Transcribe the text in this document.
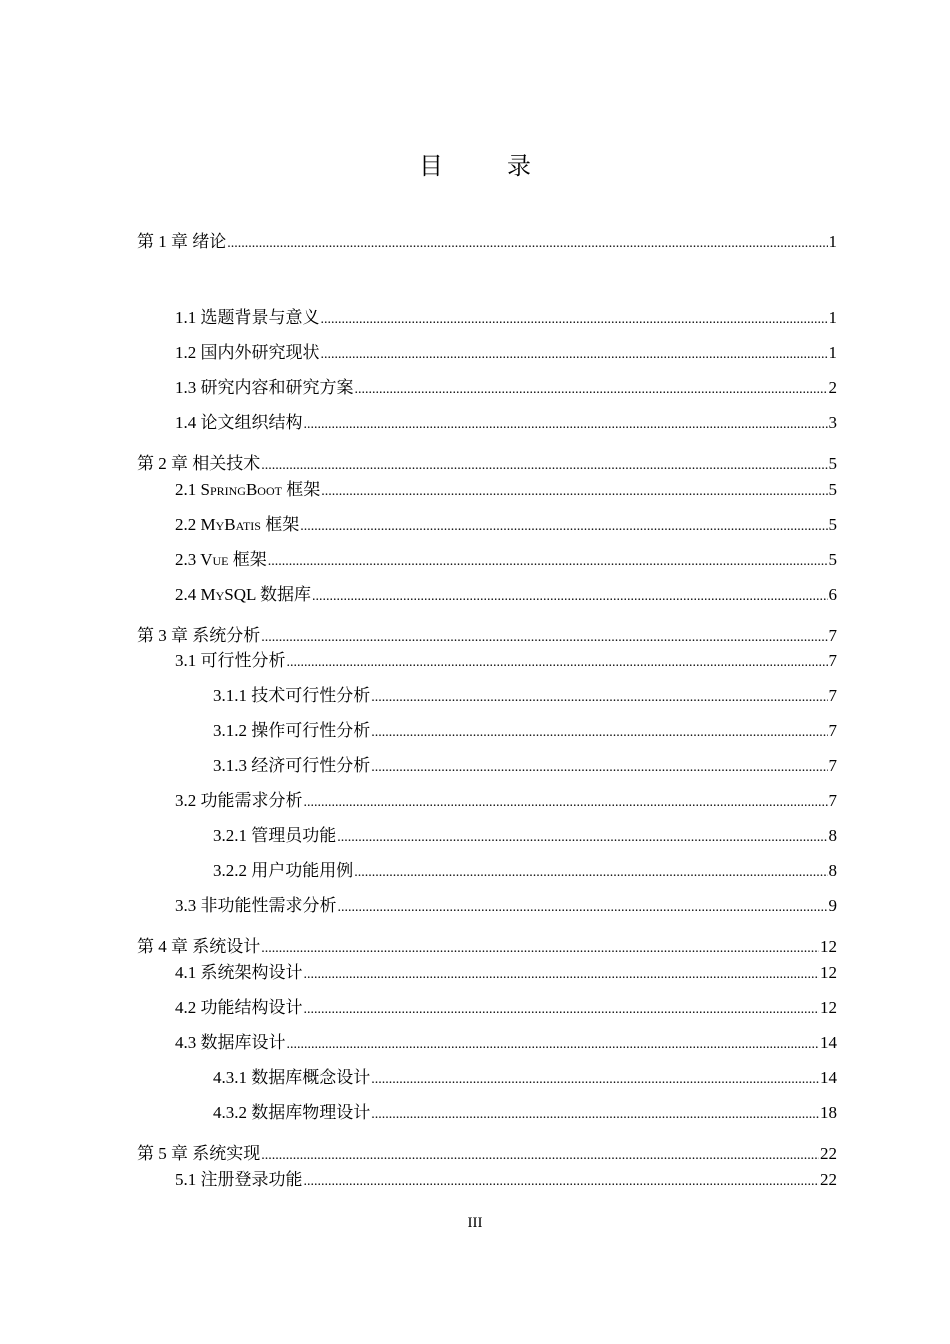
目　录
第 1 章 绪论 .....	1
1.1 选题背景与意义 .....	1
1.2 国内外研究现状 .....	1
1.3 研究内容和研究方案 .....	2
1.4 论文组织结构 .....	3
第 2 章 相关技术 .....	5
2.1 SpringBoot 框架 .....	5
2.2 MyBatis 框架 .....	5
2.3 Vue 框架 .....	5
2.4 MySQL 数据库 .....	6
第 3 章 系统分析 .....	7
3.1 可行性分析 .....	7
3.1.1 技术可行性分析 .....	7
3.1.2 操作可行性分析 .....	7
3.1.3 经济可行性分析 .....	7
3.2 功能需求分析 .....	7
3.2.1 管理员功能 .....	8
3.2.2 用户功能用例 .....	8
3.3 非功能性需求分析 .....	9
第 4 章 系统设计 .....	12
4.1 系统架构设计 .....	12
4.2 功能结构设计 .....	12
4.3 数据库设计 .....	14
4.3.1 数据库概念设计 .....	14
4.3.2 数据库物理设计 .....	18
第 5 章 系统实现 .....	22
5.1 注册登录功能 .....	22
III
